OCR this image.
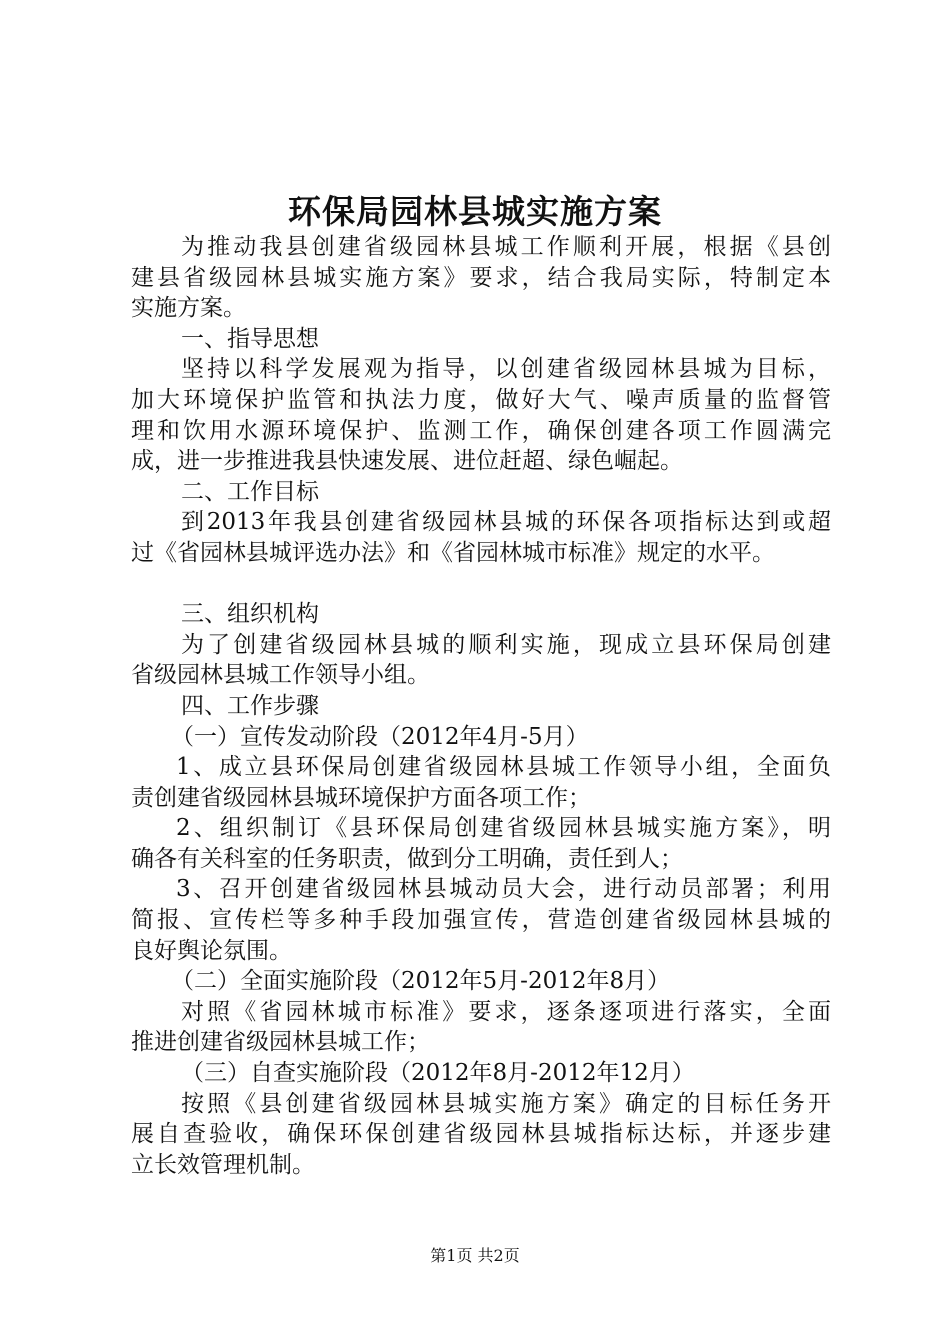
环保局园林县城实施方案
为推动我县创建省级园林县城工作顺利开展，根据《县创
建县省级园林县城实施方案》要求，结合我局实际，特制定本
实施方案。
一、指导思想
坚持以科学发展观为指导，以创建省级园林县城为目标，
加大环境保护监管和执法力度，做好大气、噪声质量的监督管
理和饮用水源环境保护、监测工作，确保创建各项工作圆满完
成，进一步推进我县快速发展、进位赶超、绿色崛起。
二、工作目标
到2013年我县创建省级园林县城的环保各项指标达到或超
过《省园林县城评选办法》和《省园林城市标准》规定的水平。
三、组织机构
为了创建省级园林县城的顺利实施，现成立县环保局创建
省级园林县城工作领导小组。
四、工作步骤
（一）宣传发动阶段（2012年4月-5月）
1、成立县环保局创建省级园林县城工作领导小组，全面负
责创建省级园林县城环境保护方面各项工作；
2、组织制订《县环保局创建省级园林县城实施方案》，明
确各有关科室的任务职责，做到分工明确，责任到人；
3、召开创建省级园林县城动员大会，进行动员部署；利用
简报、宣传栏等多种手段加强宣传，营造创建省级园林县城的
良好舆论氛围。
（二）全面实施阶段（2012年5月-2012年8月）
对照《省园林城市标准》要求，逐条逐项进行落实，全面
推进创建省级园林县城工作；
（三）自查实施阶段（2012年8月-2012年12月）
按照《县创建省级园林县城实施方案》确定的目标任务开
展自查验收，确保环保创建省级园林县城指标达标，并逐步建
立长效管理机制。
第1页 共2页
